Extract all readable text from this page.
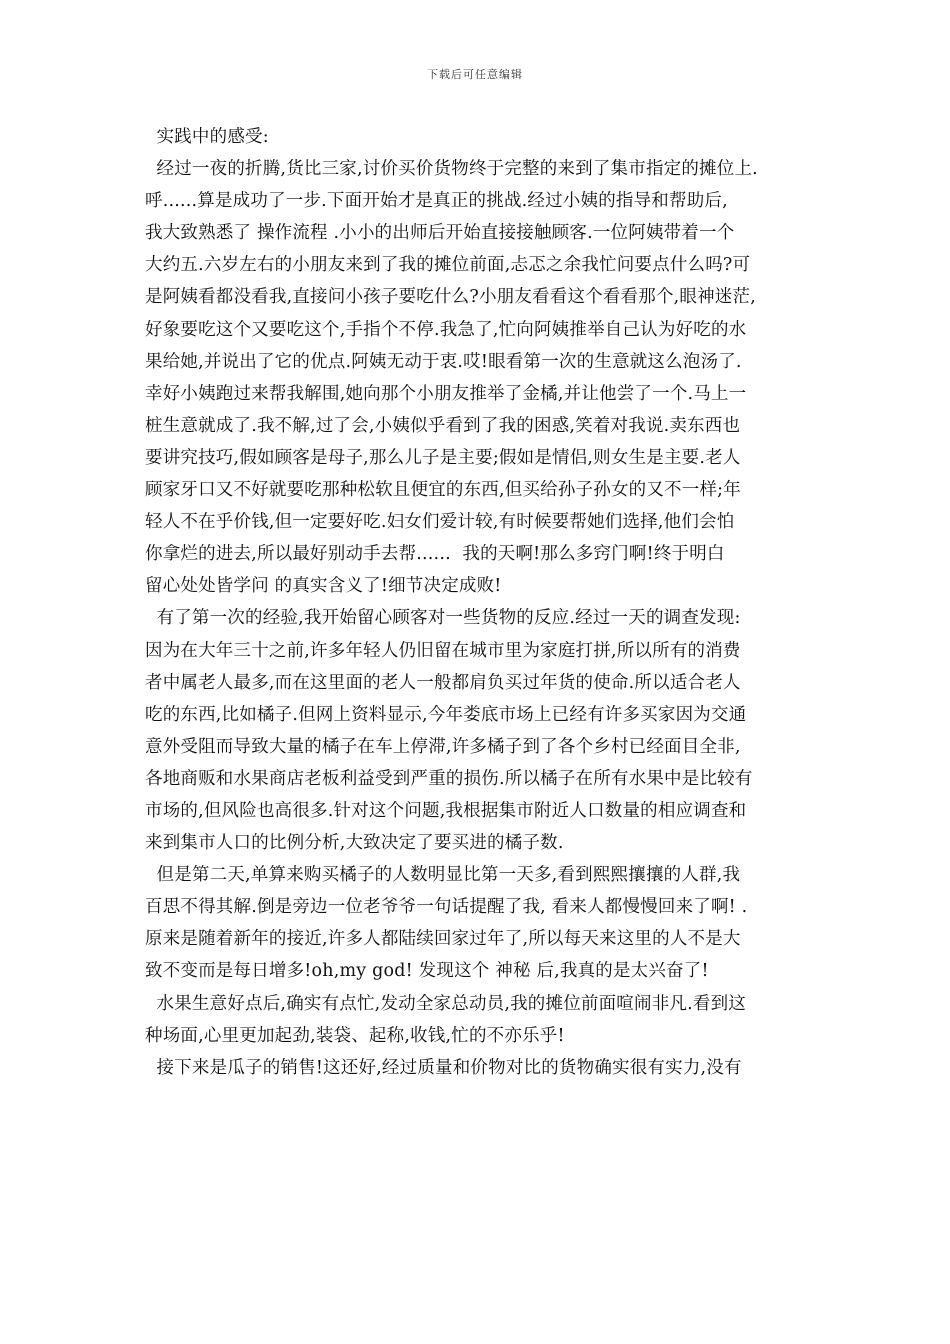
下载后可任意编辑
实践中的感受:
经过一夜的折腾,货比三家,讨价买价货物终于完整的来到了集市指定的摊位上.
呼......算是成功了一步.下面开始才是真正的挑战.经过小姨的指导和帮助后,
我大致熟悉了 操作流程 .小小的出师后开始直接接触顾客.一位阿姨带着一个
大约五.六岁左右的小朋友来到了我的摊位前面,忐忑之余我忙问要点什么吗?可
是阿姨看都没看我,直接问小孩子要吃什么?小朋友看看这个看看那个,眼神迷茫,
好象要吃这个又要吃这个,手指个不停.我急了,忙向阿姨推举自己认为好吃的水
果给她,并说出了它的优点.阿姨无动于衷.哎!眼看第一次的生意就这么泡汤了.
幸好小姨跑过来帮我解围,她向那个小朋友推举了金橘,并让他尝了一个.马上一
桩生意就成了.我不解,过了会,小姨似乎看到了我的困惑,笑着对我说.卖东西也
要讲究技巧,假如顾客是母子,那么儿子是主要;假如是情侣,则女生是主要.老人
顾家牙口又不好就要吃那种松软且便宜的东西,但买给孙子孙女的又不一样;年
轻人不在乎价钱,但一定要好吃.妇女们爱计较,有时候要帮她们选择,他们会怕
你拿烂的进去,所以最好别动手去帮......  我的天啊!那么多窍门啊!终于明白
留心处处皆学问 的真实含义了!细节决定成败!
有了第一次的经验,我开始留心顾客对一些货物的反应.经过一天的调查发现:
因为在大年三十之前,许多年轻人仍旧留在城市里为家庭打拼,所以所有的消费
者中属老人最多,而在这里面的老人一般都肩负买过年货的使命.所以适合老人
吃的东西,比如橘子.但网上资料显示,今年娄底市场上已经有许多买家因为交通
意外受阻而导致大量的橘子在车上停滞,许多橘子到了各个乡村已经面目全非,
各地商贩和水果商店老板利益受到严重的损伤.所以橘子在所有水果中是比较有
市场的,但风险也高很多.针对这个问题,我根据集市附近人口数量的相应调查和
来到集市人口的比例分析,大致决定了要买进的橘子数.
但是第二天,单算来购买橘子的人数明显比第一天多,看到熙熙攘攘的人群,我
百思不得其解.倒是旁边一位老爷爷一句话提醒了我, 看来人都慢慢回来了啊! .
原来是随着新年的接近,许多人都陆续回家过年了,所以每天来这里的人不是大
致不变而是每日增多!oh,my god! 发现这个 神秘 后,我真的是太兴奋了!
水果生意好点后,确实有点忙,发动全家总动员,我的摊位前面喧闹非凡.看到这
种场面,心里更加起劲,装袋、起称,收钱,忙的不亦乐乎!
接下来是瓜子的销售!这还好,经过质量和价物对比的货物确实很有实力,没有
